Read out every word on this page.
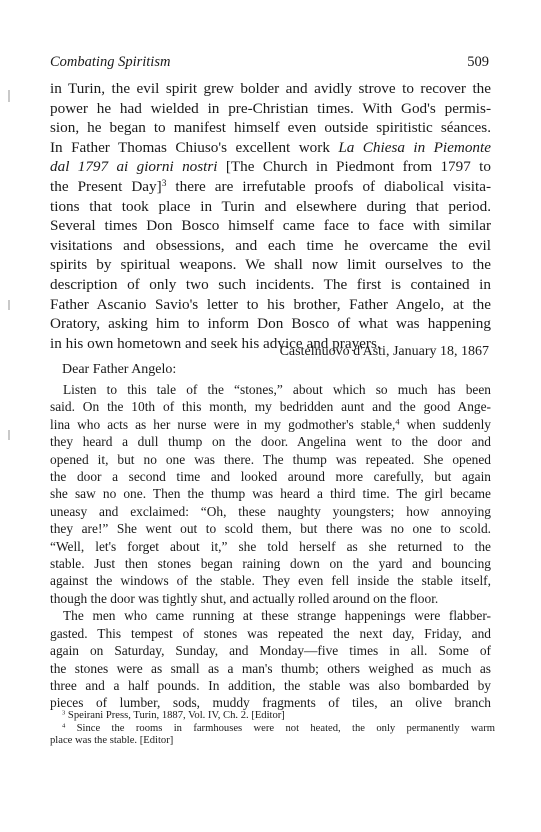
Combating Spiritism	509
in Turin, the evil spirit grew bolder and avidly strove to recover the
power he had wielded in pre-Christian times. With God's permis-
sion, he began to manifest himself even outside spiritistic séances.
In Father Thomas Chiuso's excellent work La Chiesa in Piemonte
dal 1797 ai giorni nostri [The Church in Piedmont from 1797 to
the Present Day]$^3$ there are irrefutable proofs of diabolical visita-
tions that took place in Turin and elsewhere during that period.
Several times Don Bosco himself came face to face with similar
visitations and obsessions, and each time he overcame the evil
spirits by spiritual weapons. We shall now limit ourselves to the
description of only two such incidents. The first is contained in
Father Ascanio Savio's letter to his brother, Father Angelo, at the
Oratory, asking him to inform Don Bosco of what was happening
in his own hometown and seek his advice and prayers.
Castelnuovo d'Asti, January 18, 1867
Dear Father Angelo:
Listen to this tale of the “stones,” about which so much has been
said. On the 10th of this month, my bedridden aunt and the good Ange-
lina who acts as her nurse were in my godmother's stable,$^4$ when suddenly
they heard a dull thump on the door. Angelina went to the door and
opened it, but no one was there. The thump was repeated. She opened
the door a second time and looked around more carefully, but again
she saw no one. Then the thump was heard a third time. The girl became
uneasy and exclaimed: “Oh, these naughty youngsters; how annoying
they are!” She went out to scold them, but there was no one to scold.
“Well, let's forget about it,” she told herself as she returned to the
stable. Just then stones began raining down on the yard and bouncing
against the windows of the stable. They even fell inside the stable itself,
though the door was tightly shut, and actually rolled around on the floor.
The men who came running at these strange happenings were flabber-
gasted. This tempest of stones was repeated the next day, Friday, and
again on Saturday, Sunday, and Monday—five times in all. Some of
the stones were as small as a man's thumb; others weighed as much as
three and a half pounds. In addition, the stable was also bombarded by
pieces of lumber, sods, muddy fragments of tiles, an olive branch
$^3$ Speirani Press, Turin, 1887, Vol. IV, Ch. 2. [Editor]
$^4$ Since the rooms in farmhouses were not heated, the only permanently warm
place was the stable. [Editor]
